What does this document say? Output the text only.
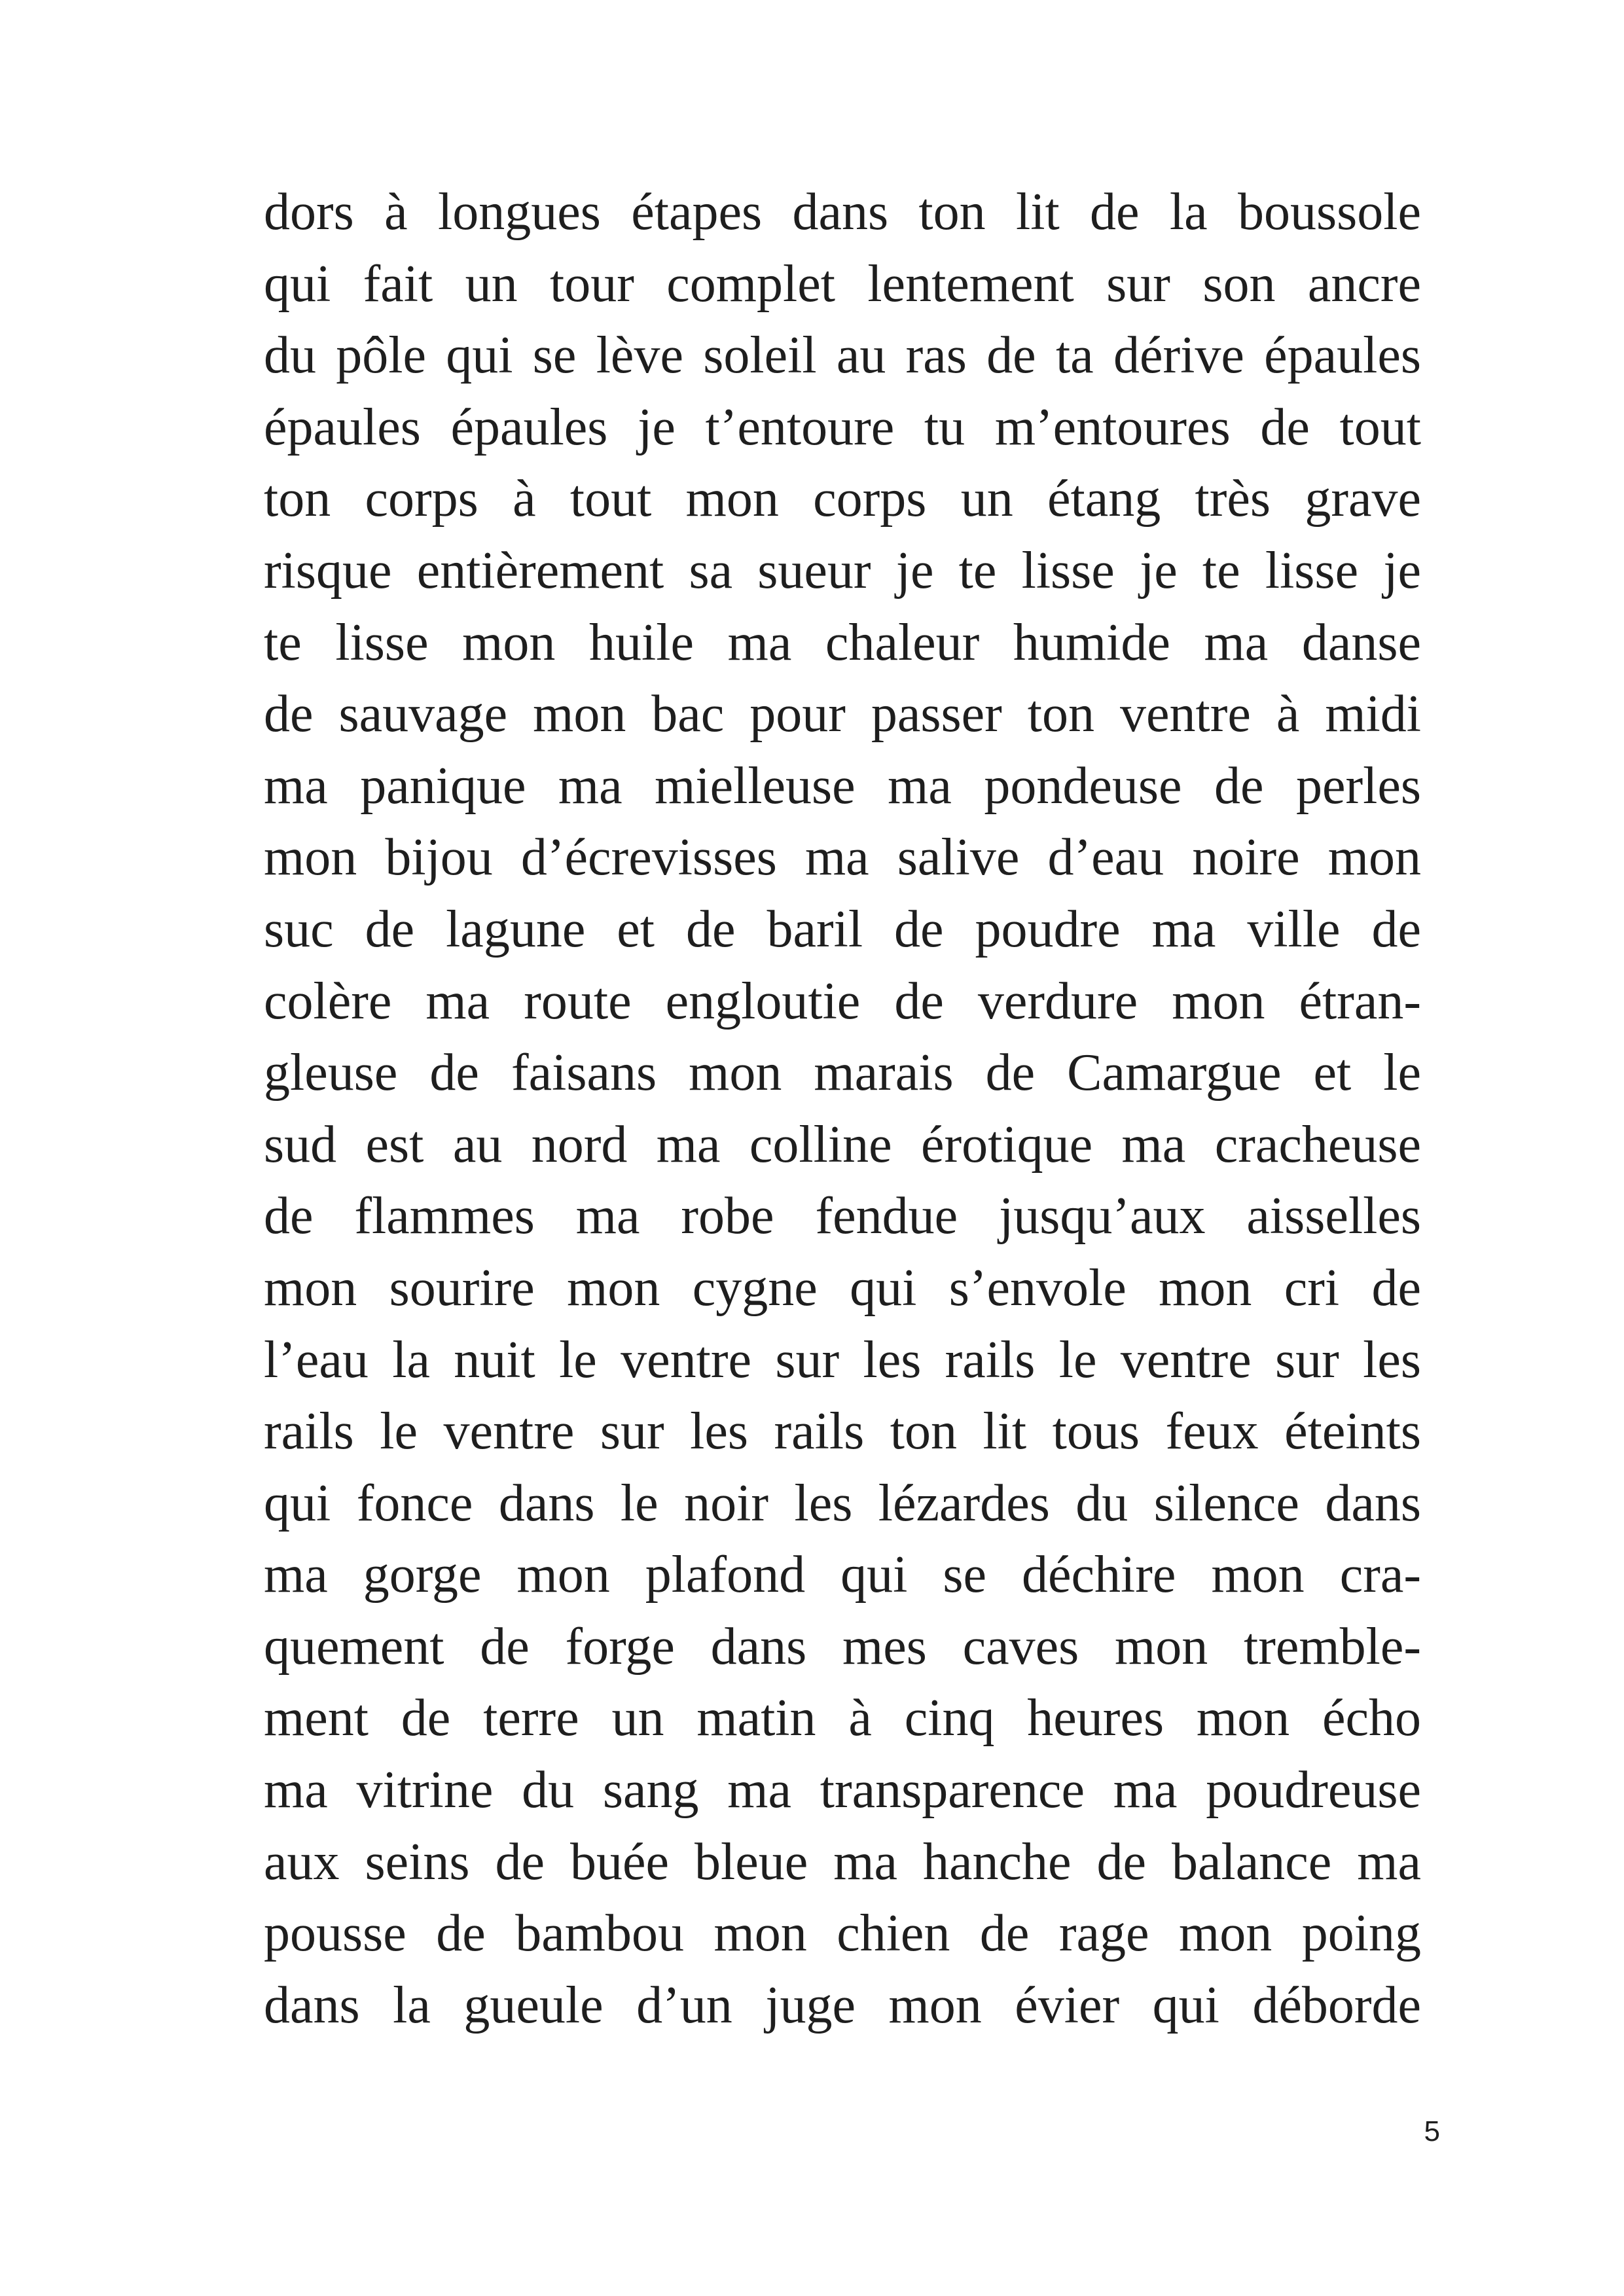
dors à longues étapes dans ton lit de la boussole
qui fait un tour complet lentement sur son ancre
du pôle qui se lève soleil au ras de ta dérive épaules
épaules épaules je t’entoure tu m’entoures de tout
ton corps à tout mon corps un étang très grave
risque entièrement sa sueur je te lisse je te lisse je
te lisse mon huile ma chaleur humide ma danse
de sauvage mon bac pour passer ton ventre à midi
ma panique ma mielleuse ma pondeuse de perles
mon bijou d’écrevisses ma salive d’eau noire mon
suc de lagune et de baril de poudre ma ville de
colère ma route engloutie de verdure mon étran-
gleuse de faisans mon marais de Camargue et le
sud est au nord ma colline érotique ma cracheuse
de flammes ma robe fendue jusqu’aux aisselles
mon sourire mon cygne qui s’envole mon cri de
l’eau la nuit le ventre sur les rails le ventre sur les
rails le ventre sur les rails ton lit tous feux éteints
qui fonce dans le noir les lézardes du silence dans
ma gorge mon plafond qui se déchire mon cra-
quement de forge dans mes caves mon tremble-
ment de terre un matin à cinq heures mon écho
ma vitrine du sang ma transparence ma poudreuse
aux seins de buée bleue ma hanche de balance ma
pousse de bambou mon chien de rage mon poing
dans la gueule d’un juge mon évier qui déborde
5
